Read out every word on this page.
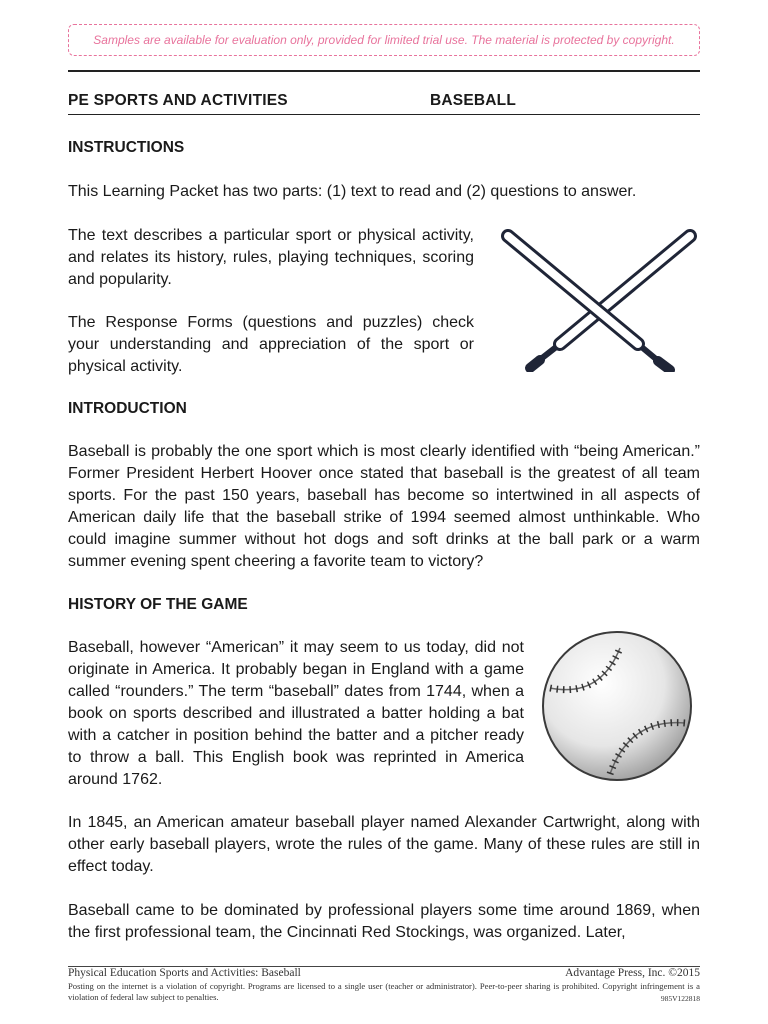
Samples are available for evaluation only, provided for limited trial use. The material is protected by copyright.
PE SPORTS AND ACTIVITIES	BASEBALL
INSTRUCTIONS

This Learning Packet has two parts: (1) text to read and (2) questions to answer.

The text describes a particular sport or physical activity, and relates its history, rules, playing techniques, scoring and popularity.

The Response Forms (questions and puzzles) check your understanding and appreciation of the sport or physical activity.

INTRODUCTION

Baseball is probably the one sport which is most clearly identified with “being American.” Former President Herbert Hoover once stated that baseball is the greatest of all team sports. For the past 150 years, baseball has become so intertwined in all aspects of American daily life that the baseball strike of 1994 seemed almost unthinkable. Who could imagine summer without hot dogs and soft drinks at the ball park or a warm summer evening spent cheering a favorite team to victory?

HISTORY OF THE GAME

Baseball, however “American” it may seem to us today, did not originate in America. It probably began in England with a game called “rounders.” The term “baseball” dates from 1744, when a book on sports described and illustrated a batter holding a bat with a catcher in position behind the batter and a pitcher ready to throw a ball. This English book was reprinted in America around 1762.

In 1845, an American amateur baseball player named Alexander Cartwright, along with other early baseball players, wrote the rules of the game. Many of these rules are still in effect today.

Baseball came to be dominated by professional players some time around 1869, when the first professional team, the Cincinnati Red Stockings, was organized. Later,

Physical Education Sports and Activities: Baseball	Advantage Press, Inc. ©2015
Posting on the internet is a violation of copyright. Programs are licensed to a single user (teacher or administrator). Peer-to-peer sharing is prohibited. Copyright infringement is a violation of federal law subject to penalties.	985V122818
